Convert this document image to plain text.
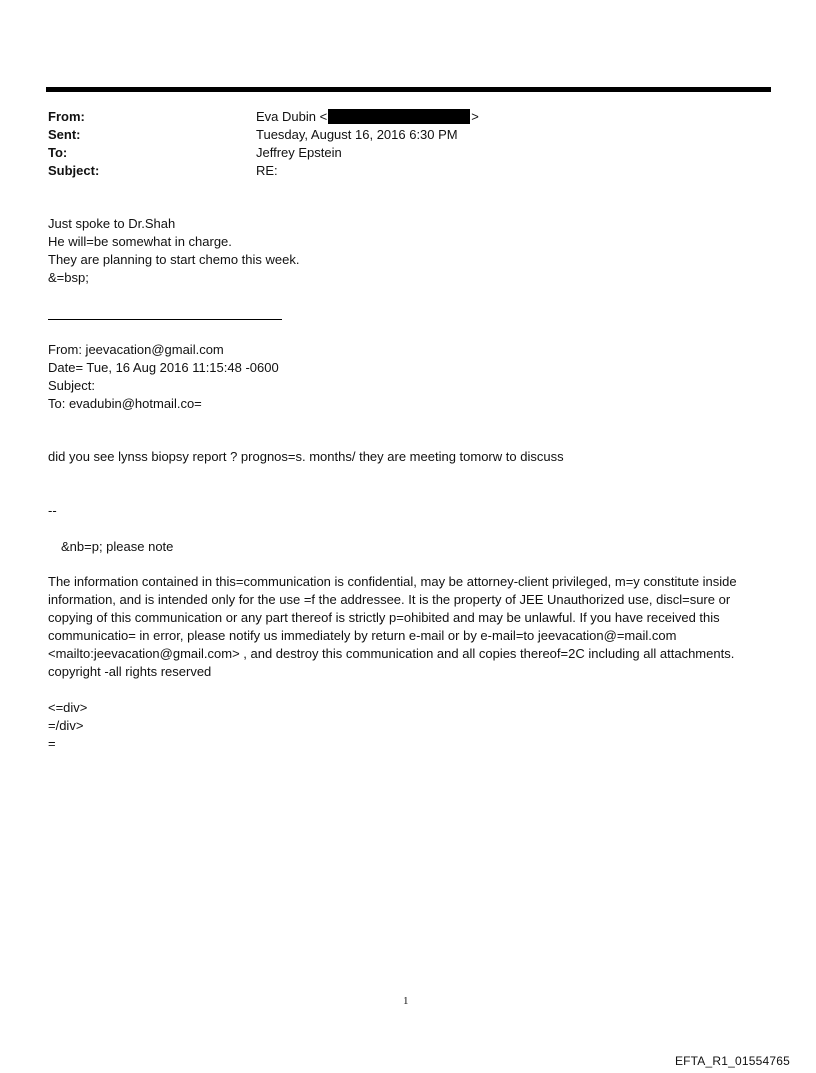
From:	Eva Dubin <	>
Sent:	Tuesday, August 16, 2016 6:30 PM
To:	Jeffrey Epstein
Subject:	RE:
Just spoke to Dr.Shah
He will=be somewhat in charge.
They are planning to start chemo this week.
&=bsp;
From: jeevacation@gmail.com
Date= Tue, 16 Aug 2016 11:15:48 -0600
Subject:
To: evadubin@hotmail.co=
did you see lynss biopsy report ? prognos=s. months/ they are meeting tomorw to discuss
--
&nb=p; please note
The information contained in this=communication is confidential, may be attorney-client privileged, m=y constitute inside information, and is intended only for the use =f the addressee. It is the property of JEE Unauthorized use, discl=sure or copying of this communication or any part thereof is strictly p=ohibited and may be unlawful. If you have received this communicatio= in error, please notify us immediately by return e-mail or by e-mail=to jeevacation@=mail.com <mailto:jeevacation@gmail.com> , and destroy this communication and all copies thereof=2C including all attachments. copyright -all rights reserved
<=div>
=/div>
=
1
EFTA_R1_01554765
